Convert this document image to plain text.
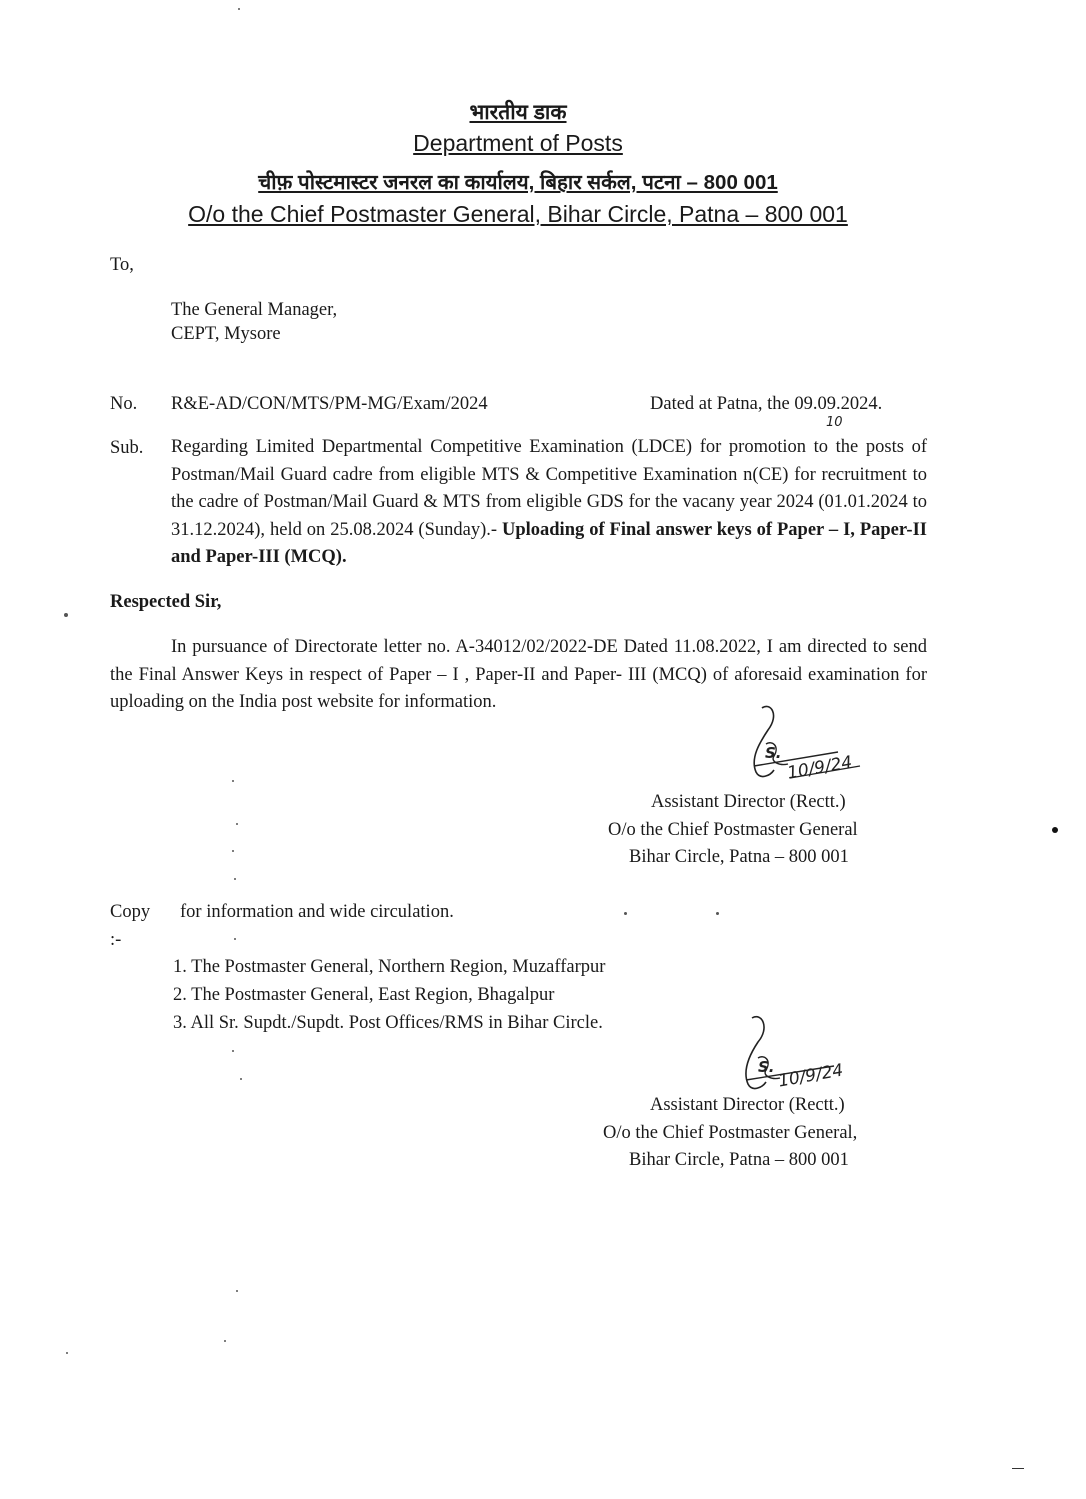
भारतीय डाक
Department of Posts
चीफ़ पोस्टमास्टर जनरल का कार्यालय, बिहार सर्कल, पटना – 800 001
O/o the Chief Postmaster General, Bihar Circle, Patna – 800 001
To,
The General Manager,
CEPT, Mysore
No. R&E-AD/CON/MTS/PM-MG/Exam/2024	Dated at Patna, the 09.09.2024.
10
Sub. Regarding Limited Departmental Competitive Examination (LDCE) for promotion to the posts of Postman/Mail Guard cadre from eligible MTS & Competitive Examination n(CE) for recruitment to the cadre of Postman/Mail Guard & MTS from eligible GDS for the vacany year 2024 (01.01.2024 to 31.12.2024), held on 25.08.2024 (Sunday).- Uploading of Final answer keys of Paper – I, Paper-II and Paper-III (MCQ).
Respected Sir,
In pursuance of Directorate letter no. A-34012/02/2022-DE Dated 11.08.2022, I am directed to send the Final Answer Keys in respect of Paper – I , Paper-II and Paper- III (MCQ) of aforesaid examination for uploading on the India post website for information.
S. 10/9/24
Assistant Director (Rectt.)
O/o the Chief Postmaster General
Bihar Circle, Patna – 800 001
Copy
:-
for information and wide circulation.
1. The Postmaster General, Northern Region, Muzaffarpur
2. The Postmaster General, East Region, Bhagalpur
3. All Sr. Supdt./Supdt. Post Offices/RMS in Bihar Circle.
S. 10/9/24
Assistant Director (Rectt.)
O/o the Chief Postmaster General,
Bihar Circle, Patna – 800 001
